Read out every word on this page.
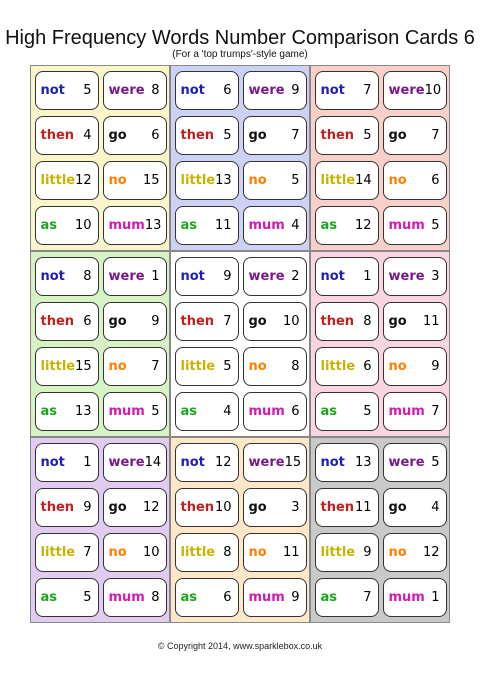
High Frequency Words Number Comparison Cards 6
(For a 'top trumps'-style game)
not 5 were 8
then 4 go 6
little 12 no 15
as 10 mum 13
not 6 were 9
then 5 go 7
little 13 no 5
as 11 mum 4
not 7 were 10
then 5 go 7
little 14 no 6
as 12 mum 5
not 8 were 1
then 6 go 9
little 15 no 7
as 13 mum 5
not 9 were 2
then 7 go 10
little 5 no 8
as 4 mum 6
not 1 were 3
then 8 go 11
little 6 no 9
as 5 mum 7
not 1 were 14
then 9 go 12
little 7 no 10
as 5 mum 8
not 12 were 15
then 10 go 3
little 8 no 11
as 6 mum 9
not 13 were 5
then 11 go 4
little 9 no 12
as 7 mum 1
© Copyright 2014, www.sparklebox.co.uk
